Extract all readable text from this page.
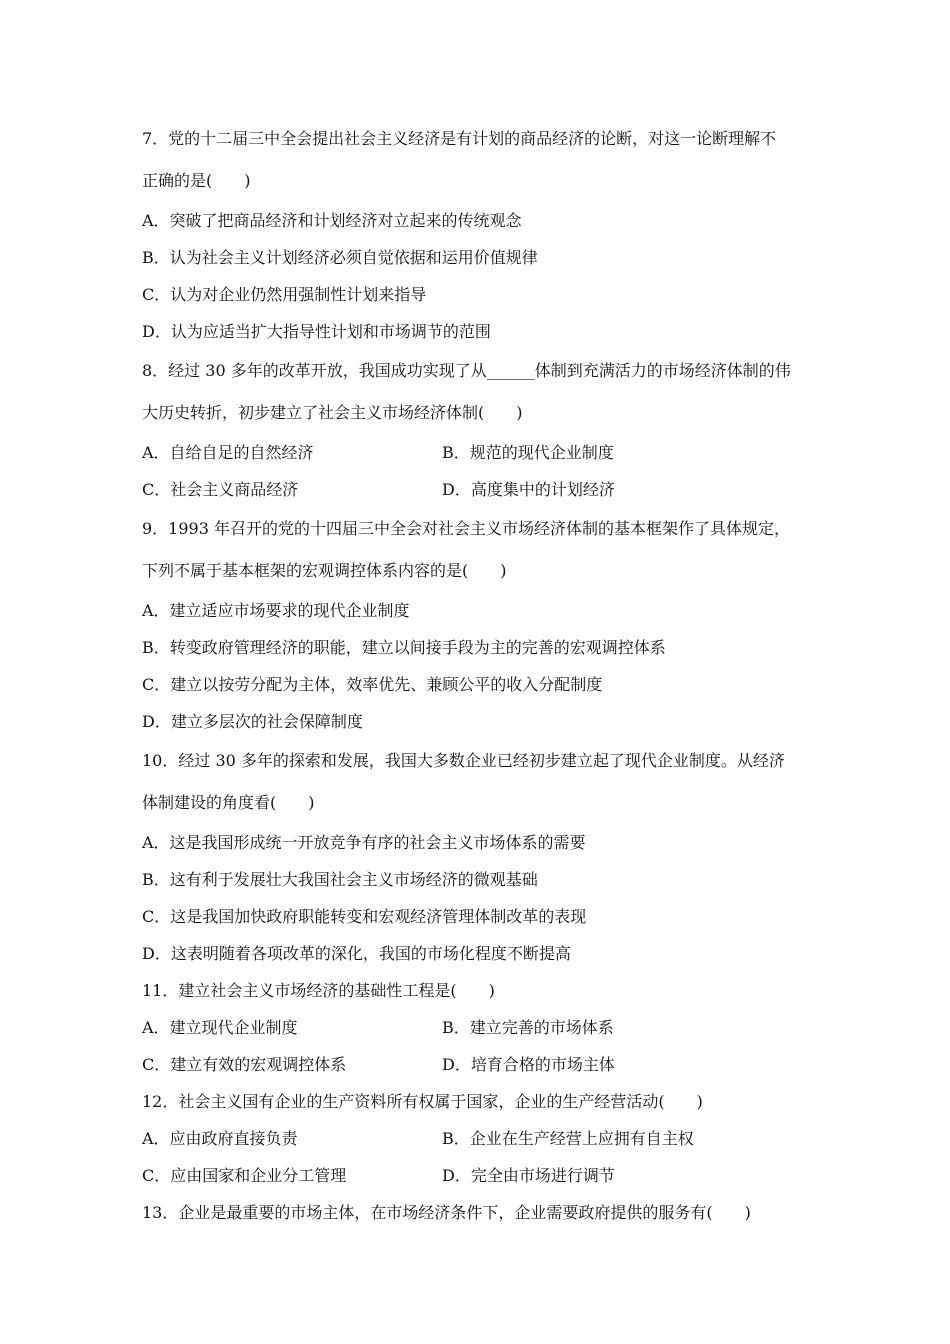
7．党的十二届三中全会提出社会主义经济是有计划的商品经济的论断，对这一论断理解不
正确的是(　　)
A．突破了把商品经济和计划经济对立起来的传统观念
B．认为社会主义计划经济必须自觉依据和运用价值规律
C．认为对企业仍然用强制性计划来指导
D．认为应适当扩大指导性计划和市场调节的范围
8．经过 30 多年的改革开放，我国成功实现了从______体制到充满活力的市场经济体制的伟
大历史转折，初步建立了社会主义市场经济体制(　　)
A．自给自足的自然经济	B．规范的现代企业制度
C．社会主义商品经济	D．高度集中的计划经济
9．1993 年召开的党的十四届三中全会对社会主义市场经济体制的基本框架作了具体规定，
下列不属于基本框架的宏观调控体系内容的是(　　)
A．建立适应市场要求的现代企业制度
B．转变政府管理经济的职能，建立以间接手段为主的完善的宏观调控体系
C．建立以按劳分配为主体，效率优先、兼顾公平的收入分配制度
D．建立多层次的社会保障制度
10．经过 30 多年的探索和发展，我国大多数企业已经初步建立起了现代企业制度。从经济
体制建设的角度看(　　)
A．这是我国形成统一开放竞争有序的社会主义市场体系的需要
B．这有利于发展壮大我国社会主义市场经济的微观基础
C．这是我国加快政府职能转变和宏观经济管理体制改革的表现
D．这表明随着各项改革的深化，我国的市场化程度不断提高
11．建立社会主义市场经济的基础性工程是(　　)
A．建立现代企业制度	B．建立完善的市场体系
C．建立有效的宏观调控体系	D．培育合格的市场主体
12．社会主义国有企业的生产资料所有权属于国家，企业的生产经营活动(　　)
A．应由政府直接负责	B．企业在生产经营上应拥有自主权
C．应由国家和企业分工管理	D．完全由市场进行调节
13．企业是最重要的市场主体，在市场经济条件下，企业需要政府提供的服务有(　　)
